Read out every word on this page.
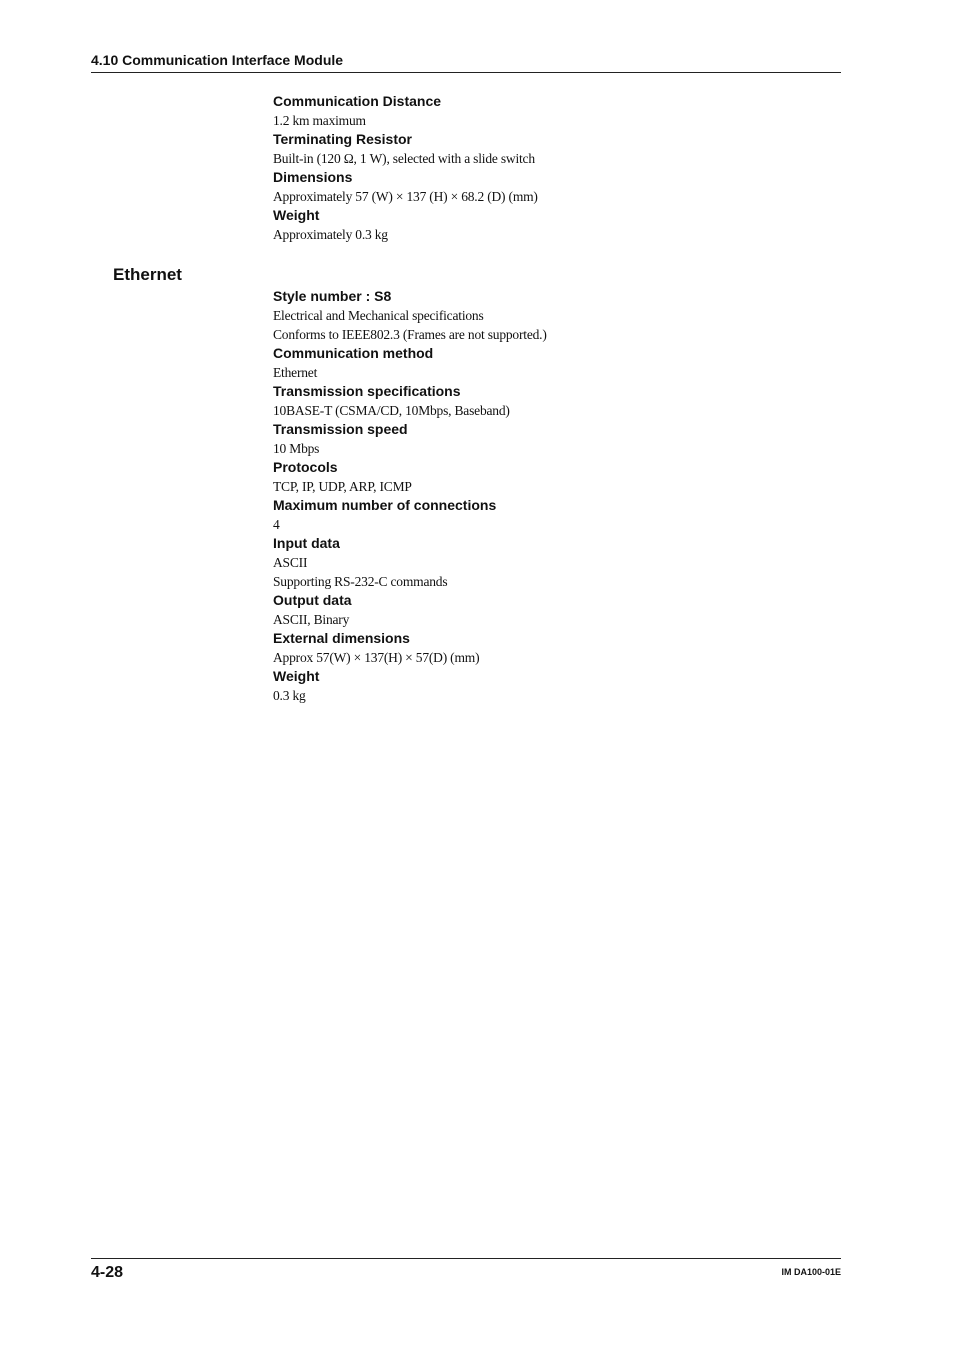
4.10 Communication Interface Module
Communication Distance
1.2 km maximum
Terminating Resistor
Built-in (120 Ω, 1 W), selected with a slide switch
Dimensions
Approximately 57 (W) × 137 (H) × 68.2 (D) (mm)
Weight
Approximately 0.3 kg
Ethernet
Style number : S8
Electrical and Mechanical specifications
Conforms to IEEE802.3 (Frames are not supported.)
Communication method
Ethernet
Transmission specifications
10BASE-T (CSMA/CD, 10Mbps, Baseband)
Transmission speed
10 Mbps
Protocols
TCP, IP, UDP, ARP, ICMP
Maximum number of connections
4
Input data
ASCII
Supporting RS-232-C commands
Output data
ASCII, Binary
External dimensions
Approx 57(W) × 137(H) × 57(D) (mm)
Weight
0.3 kg
4-28	IM DA100-01E
